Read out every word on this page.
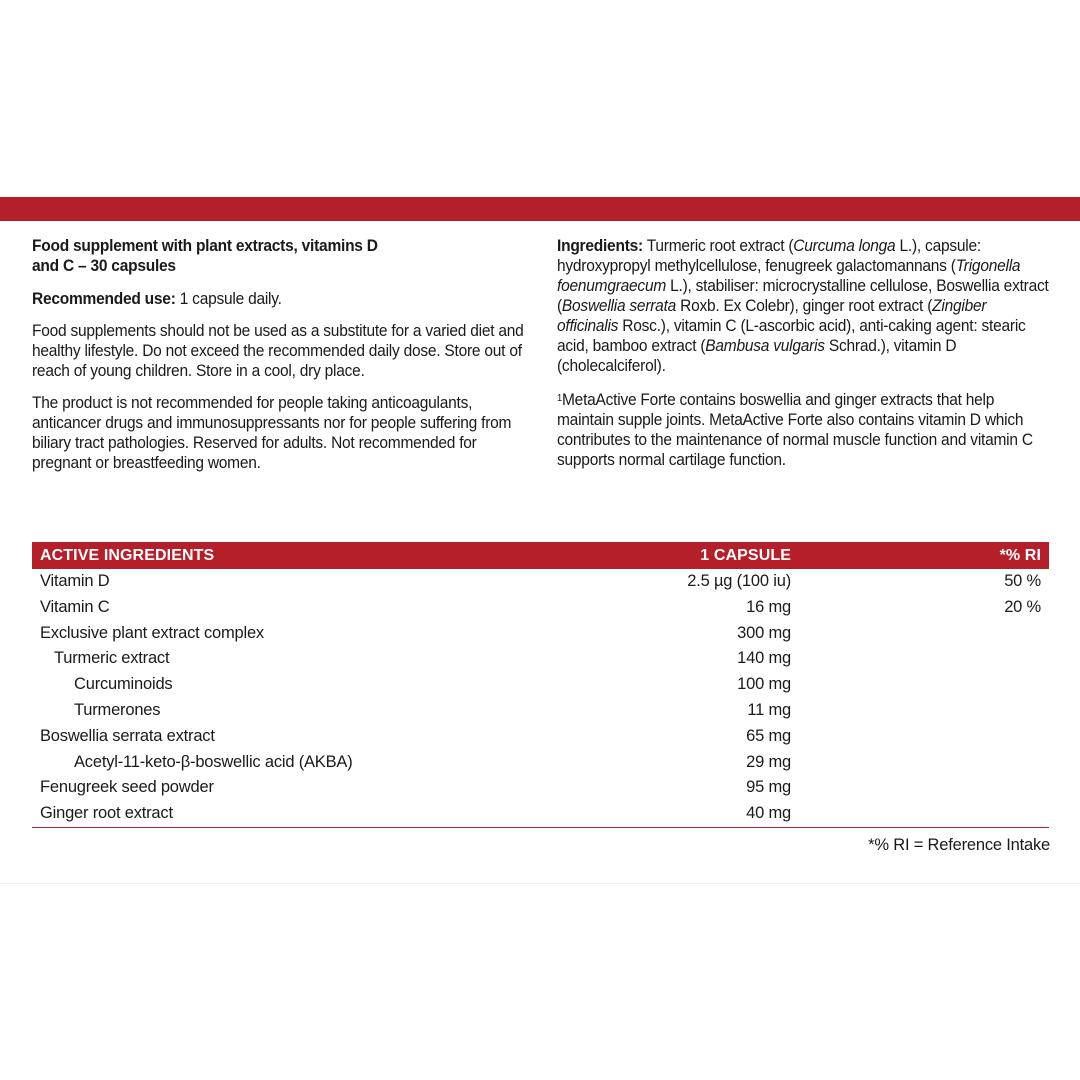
Food supplement with plant extracts, vitamins D
and C – 30 capsules

Recommended use: 1 capsule daily.

Food supplements should not be used as a substitute for a varied diet and healthy lifestyle. Do not exceed the recommended daily dose. Store out of reach of young children. Store in a cool, dry place.

The product is not recommended for people taking anticoagulants, anticancer drugs and immunosuppressants nor for people suffering from biliary tract pathologies. Reserved for adults. Not recommended for pregnant or breastfeeding women.

Ingredients: Turmeric root extract (Curcuma longa L.), capsule: hydroxypropyl methylcellulose, fenugreek galactomannans (Trigonella foenumgraecum L.), stabiliser: microcrystalline cellulose, Boswellia extract (Boswellia serrata Roxb. Ex Colebr), ginger root extract (Zingiber officinalis Rosc.), vitamin C (L-ascorbic acid), anti-caking agent: stearic acid, bamboo extract (Bambusa vulgaris Schrad.), vitamin D (cholecalciferol).

$^1$MetaActive Forte contains boswellia and ginger extracts that help maintain supple joints. MetaActive Forte also contains vitamin D which contributes to the maintenance of normal muscle function and vitamin C supports normal cartilage function.

ACTIVE INGREDIENTS	1 CAPSULE	*% RI
Vitamin D	2.5 µg (100 iu)	50 %
Vitamin C	16 mg	20 %
Exclusive plant extract complex	300 mg	
Turmeric extract	140 mg	
Curcuminoids	100 mg	
Turmerones	11 mg	
Boswellia serrata extract	65 mg	
Acetyl-11-keto-β-boswellic acid (AKBA)	29 mg	
Fenugreek seed powder	95 mg	
Ginger root extract	40 mg	
*% RI = Reference Intake
